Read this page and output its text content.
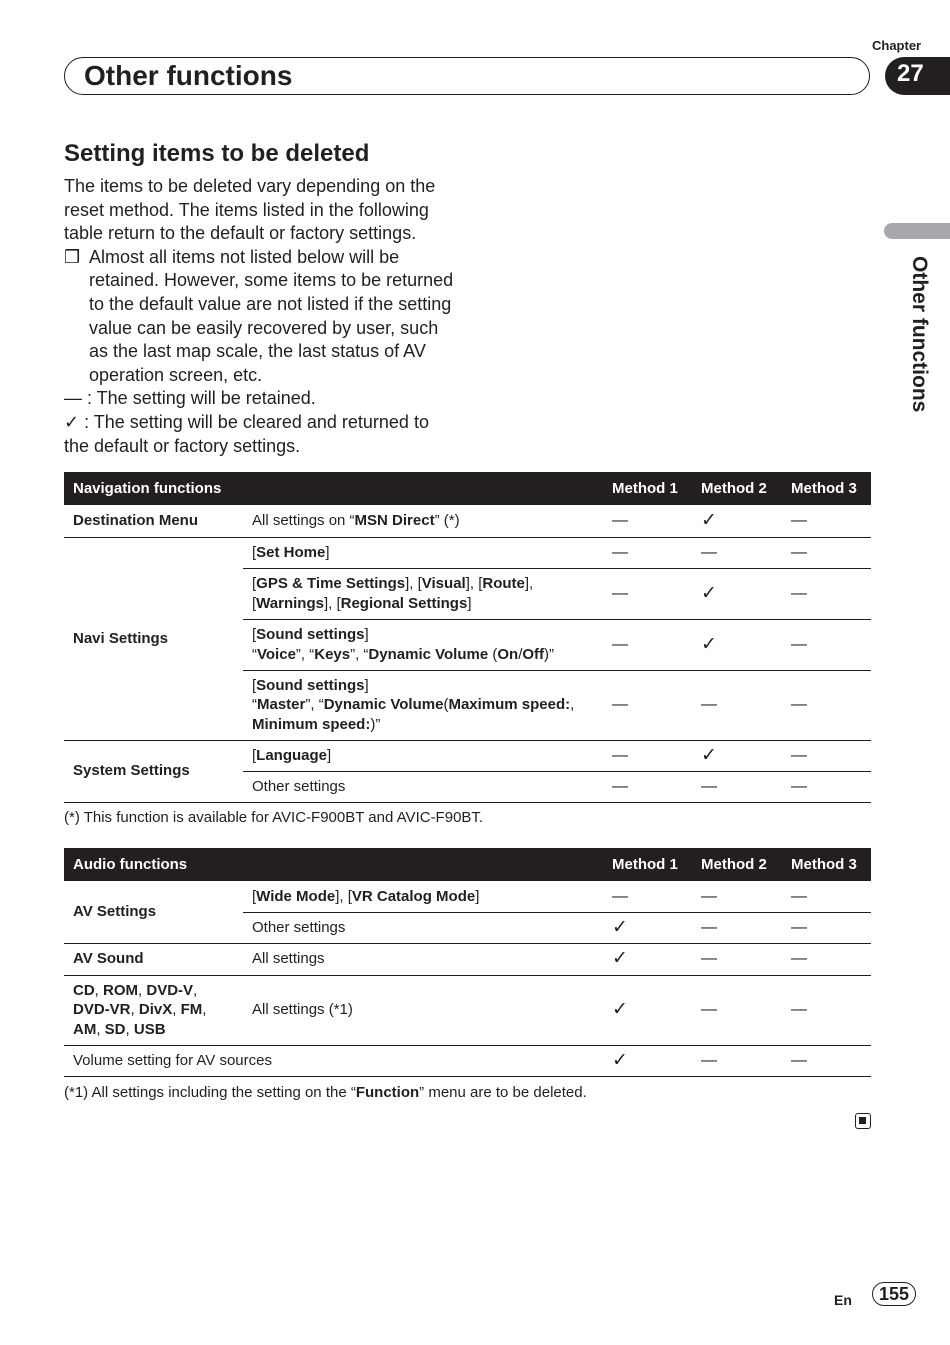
Chapter
Other functions	27
Other functions
Setting items to be deleted

The items to be deleted vary depending on the reset method. The items listed in the following table return to the default or factory settings.

❒ Almost all items not listed below will be retained. However, some items to be returned to the default value are not listed if the setting value can be easily recovered by user, such as the last map scale, the last status of AV operation screen, etc.

— : The setting will be retained.

✓ : The setting will be cleared and returned to the default or factory settings.

Navigation functions		Method 1	Method 2	Method 3
Destination Menu	All settings on “MSN Direct” (*)	—	✓	—
Navi Settings	[Set Home]	—	—	—
	[GPS & Time Settings], [Visual], [Route], [Warnings], [Regional Settings]	—	✓	—
	[Sound settings]
“Voice”, “Keys”, “Dynamic Volume (On/Off)”	—	✓	—
	[Sound settings]
“Master”, “Dynamic Volume(Maximum speed:, Minimum speed:)”	—	—	—
System Settings	[Language]	—	✓	—
	Other settings	—	—	—
(*) This function is available for AVIC-F900BT and AVIC-F90BT.
Audio functions		Method 1	Method 2	Method 3
AV Settings	[Wide Mode], [VR Catalog Mode]	—	—	—
	Other settings	✓	—	—
AV Sound	All settings	✓	—	—
CD, ROM, DVD-V,
DVD-VR, DivX, FM,
AM, SD, USB	All settings (*1)	✓	—	—
Volume setting for AV sources		✓	—	—
(*1) All settings including the setting on the “Function” menu are to be deleted.
En	155
